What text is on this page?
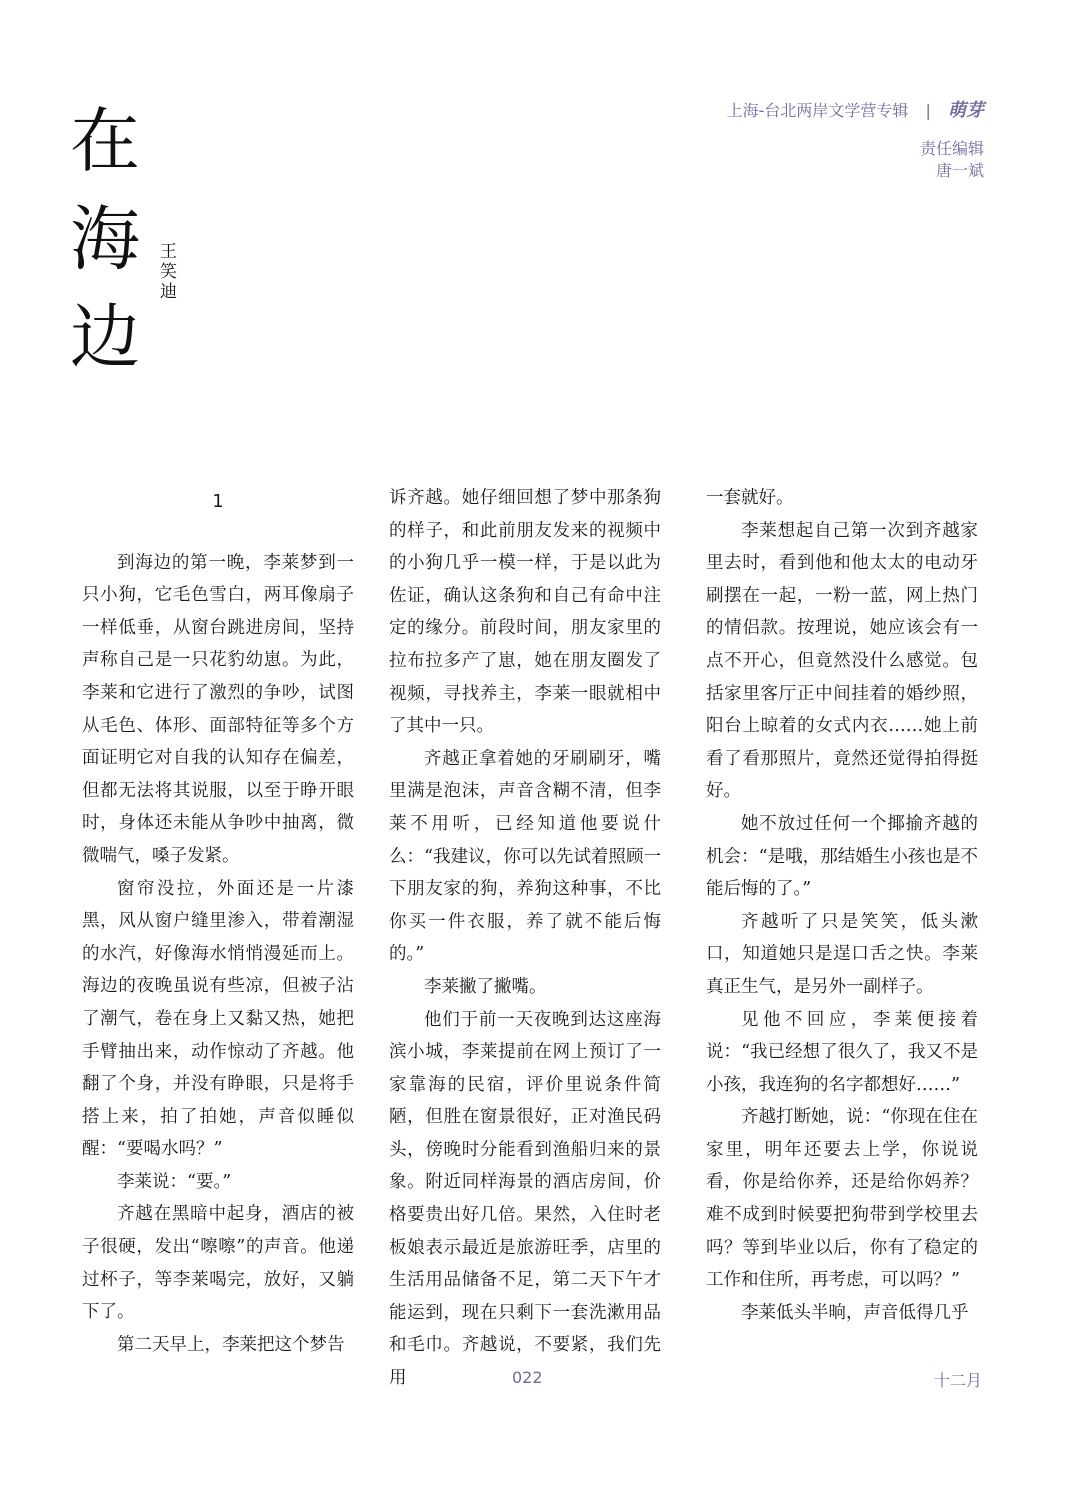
在
海
边
王
笑
迪
上海-台北两岸文学营专辑 | 萌芽
责任编辑
唐一斌

1

到海边的第一晚，李莱梦到一只小狗，它毛色雪白，两耳像扇子一样低垂，从窗台跳进房间，坚持声称自己是一只花豹幼崽。为此，李莱和它进行了激烈的争吵，试图从毛色、体形、面部特征等多个方面证明它对自我的认知存在偏差，但都无法将其说服，以至于睁开眼时，身体还未能从争吵中抽离，微微喘气，嗓子发紧。

窗帘没拉，外面还是一片漆黑，风从窗户缝里渗入，带着潮湿的水汽，好像海水悄悄漫延而上。海边的夜晚虽说有些凉，但被子沾了潮气，卷在身上又黏又热，她把手臂抽出来，动作惊动了齐越。他翻了个身，并没有睁眼，只是将手搭上来，拍了拍她，声音似睡似醒：“要喝水吗？”

李莱说：“要。”

齐越在黑暗中起身，酒店的被子很硬，发出“嚓嚓”的声音。他递过杯子，等李莱喝完，放好，又躺下了。

第二天早上，李莱把这个梦告

诉齐越。她仔细回想了梦中那条狗的样子，和此前朋友发来的视频中的小狗几乎一模一样，于是以此为佐证，确认这条狗和自己有命中注定的缘分。前段时间，朋友家里的拉布拉多产了崽，她在朋友圈发了视频，寻找养主，李莱一眼就相中了其中一只。

齐越正拿着她的牙刷刷牙，嘴里满是泡沫，声音含糊不清，但李莱不用听，已经知道他要说什么：“我建议，你可以先试着照顾一下朋友家的狗，养狗这种事，不比你买一件衣服，养了就不能后悔的。”

李莱撇了撇嘴。

他们于前一天夜晚到达这座海滨小城，李莱提前在网上预订了一家靠海的民宿，评价里说条件简陋，但胜在窗景很好，正对渔民码头，傍晚时分能看到渔船归来的景象。附近同样海景的酒店房间，价格要贵出好几倍。果然，入住时老板娘表示最近是旅游旺季，店里的生活用品储备不足，第二天下午才能运到，现在只剩下一套洗漱用品和毛巾。齐越说，不要紧，我们先用

一套就好。

李莱想起自己第一次到齐越家里去时，看到他和他太太的电动牙刷摆在一起，一粉一蓝，网上热门的情侣款。按理说，她应该会有一点不开心，但竟然没什么感觉。包括家里客厅正中间挂着的婚纱照，阳台上晾着的女式内衣……她上前看了看那照片，竟然还觉得拍得挺好。

她不放过任何一个揶揄齐越的机会：“是哦，那结婚生小孩也是不能后悔的了。”

齐越听了只是笑笑，低头漱口，知道她只是逞口舌之快。李莱真正生气，是另外一副样子。

见他不回应，李莱便接着说：“我已经想了很久了，我又不是小孩，我连狗的名字都想好……”

齐越打断她，说：“你现在住在家里，明年还要去上学，你说说看，你是给你养，还是给你妈养？难不成到时候要把狗带到学校里去吗？等到毕业以后，你有了稳定的工作和住所，再考虑，可以吗？”

李莱低头半晌，声音低得几乎

022	十二月
